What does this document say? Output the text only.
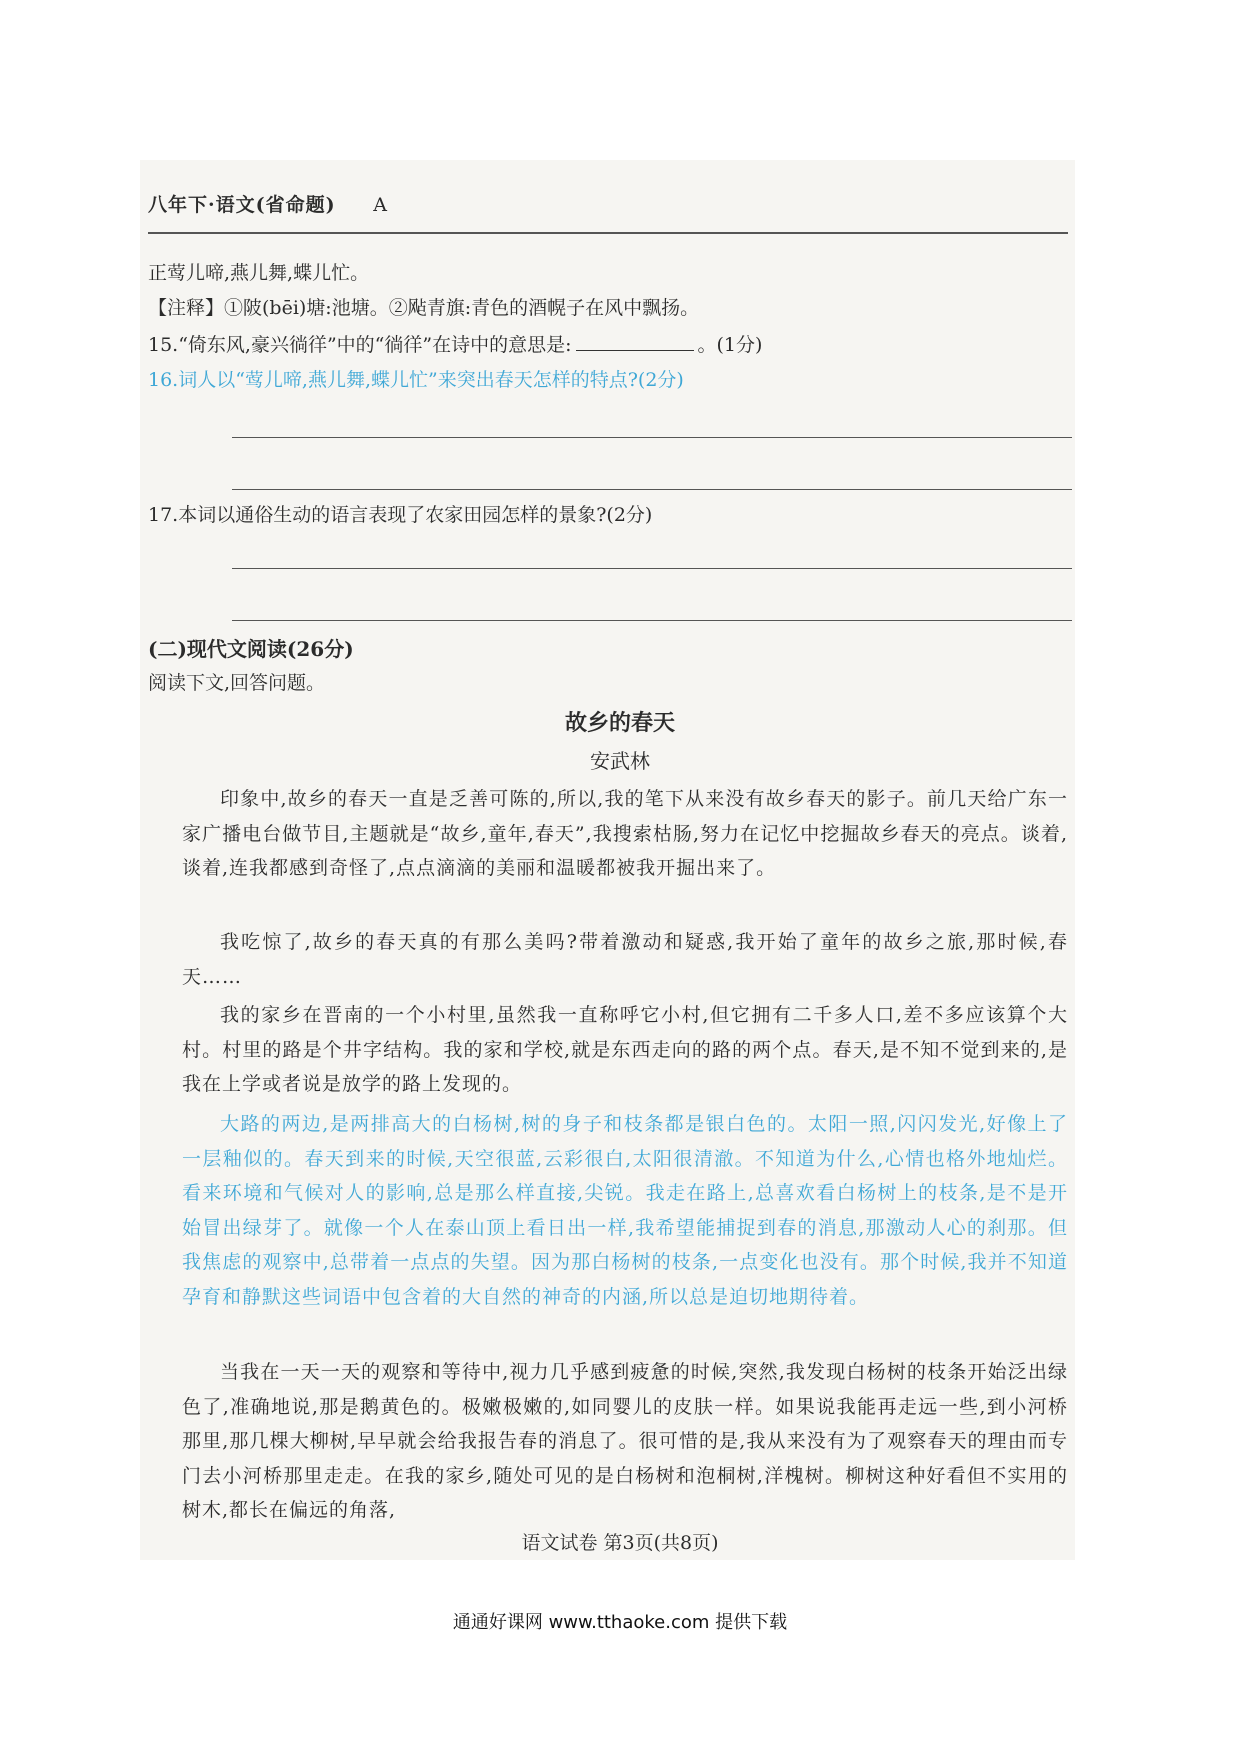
八年下·语文(省命题) A
正莺儿啼,燕儿舞,蝶儿忙。
【注释】①陂(bēi)塘:池塘。②飐青旗:青色的酒幌子在风中飘扬。
15.“倚东风,豪兴徜徉”中的“徜徉”在诗中的意思是:	。(1分)
16.词人以“莺儿啼,燕儿舞,蝶儿忙”来突出春天怎样的特点?(2分)
17.本词以通俗生动的语言表现了农家田园怎样的景象?(2分)
(二)现代文阅读(26分)
阅读下文,回答问题。
故乡的春天
安武林
印象中,故乡的春天一直是乏善可陈的,所以,我的笔下从来没有故乡春天的影子。前几天给广东一家广播电台做节目,主题就是“故乡,童年,春天”,我搜索枯肠,努力在记忆中挖掘故乡春天的亮点。谈着,谈着,连我都感到奇怪了,点点滴滴的美丽和温暖都被我开掘出来了。
我吃惊了,故乡的春天真的有那么美吗?带着激动和疑惑,我开始了童年的故乡之旅,那时候,春天……
我的家乡在晋南的一个小村里,虽然我一直称呼它小村,但它拥有二千多人口,差不多应该算个大村。村里的路是个井字结构。我的家和学校,就是东西走向的路的两个点。春天,是不知不觉到来的,是我在上学或者说是放学的路上发现的。
大路的两边,是两排高大的白杨树,树的身子和枝条都是银白色的。太阳一照,闪闪发光,好像上了一层釉似的。春天到来的时候,天空很蓝,云彩很白,太阳很清澈。不知道为什么,心情也格外地灿烂。看来环境和气候对人的影响,总是那么样直接,尖锐。我走在路上,总喜欢看白杨树上的枝条,是不是开始冒出绿芽了。就像一个人在泰山顶上看日出一样,我希望能捕捉到春的消息,那激动人心的刹那。但我焦虑的观察中,总带着一点点的失望。因为那白杨树的枝条,一点变化也没有。那个时候,我并不知道孕育和静默这些词语中包含着的大自然的神奇的内涵,所以总是迫切地期待着。
当我在一天一天的观察和等待中,视力几乎感到疲惫的时候,突然,我发现白杨树的枝条开始泛出绿色了,准确地说,那是鹅黄色的。极嫩极嫩的,如同婴儿的皮肤一样。如果说我能再走远一些,到小河桥那里,那几棵大柳树,早早就会给我报告春的消息了。很可惜的是,我从来没有为了观察春天的理由而专门去小河桥那里走走。在我的家乡,随处可见的是白杨树和泡桐树,洋槐树。柳树这种好看但不实用的树木,都长在偏远的角落,
语文试卷 第3页(共8页)
通通好课网 www.tthaoke.com 提供下载
